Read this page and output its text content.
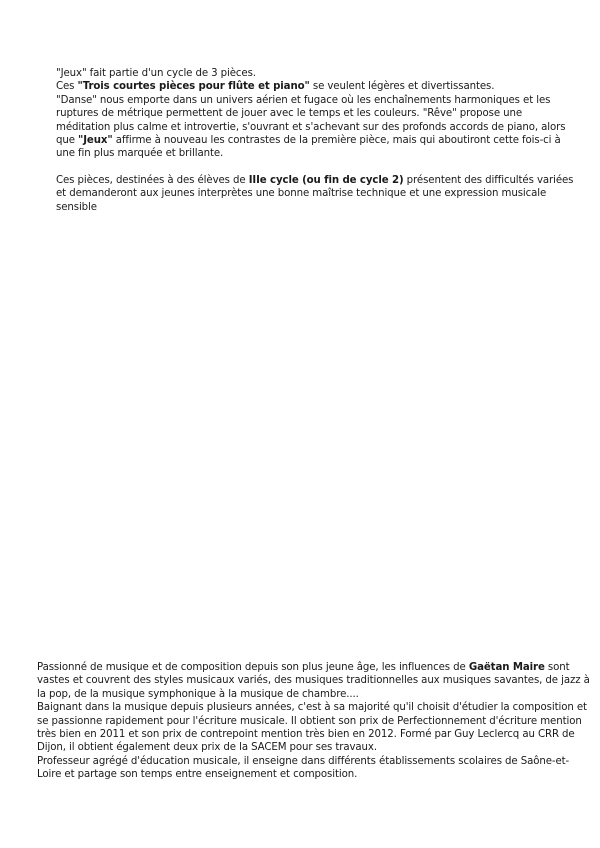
"Jeux" fait partie d'un cycle de 3 pièces.
Ces "Trois courtes pièces pour flûte et piano" se veulent légères et divertissantes.
"Danse" nous emporte dans un univers aérien et fugace où les enchaînements harmoniques et les
ruptures de métrique permettent de jouer avec le temps et les couleurs. "Rêve" propose une
méditation plus calme et introvertie, s'ouvrant et s'achevant sur des profonds accords de piano, alors
que "Jeux" affirme à nouveau les contrastes de la première pièce, mais qui aboutiront cette fois-ci à
une fin plus marquée et brillante.
Ces pièces, destinées à des élèves de IIIe cycle (ou fin de cycle 2) présentent des difficultés variées
et demanderont aux jeunes interprètes une bonne maîtrise technique et une expression musicale
sensible
Passionné de musique et de composition depuis son plus jeune âge, les influences de Gaëtan Maire sont
vastes et couvrent des styles musicaux variés, des musiques traditionnelles aux musiques savantes, de jazz à
la pop, de la musique symphonique à la musique de chambre....
Baignant dans la musique depuis plusieurs années, c'est à sa majorité qu'il choisit d'étudier la composition et
se passionne rapidement pour l'écriture musicale. Il obtient son prix de Perfectionnement d'écriture mention
très bien en 2011 et son prix de contrepoint mention très bien en 2012. Formé par Guy Leclercq au CRR de
Dijon, il obtient également deux prix de la SACEM pour ses travaux.
Professeur agrégé d'éducation musicale, il enseigne dans différents établissements scolaires de Saône-et-
Loire et partage son temps entre enseignement et composition.
